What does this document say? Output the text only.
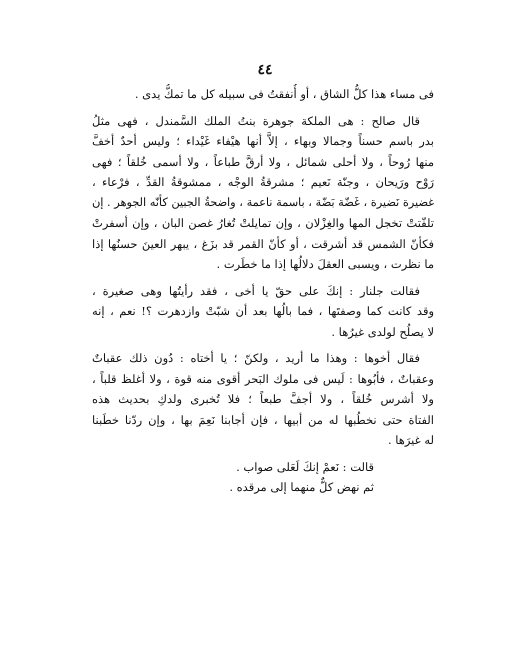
٤٤
فى مساء هذا كلُّ الشاق ، أو أُنفقتُ فى سبيله كل ما تمكُّ يدى .
قال صالح : هى الملكة جوهرة بنتُ الملك السَّمندل ، فهى مثلُ
بدر باسم حسناً وجمالا وبهاء ، إلاَّ أنها هيْفاء غَيْداء ؛ وليس أحدٌ أخفَّ
منها رُوحاً ، ولا أحلى شمائل ، ولا أرقَّ طباعاً ، ولا أسمى خُلقاً ؛ فهى
رَوْح ورَيحان ، وجنّة نَعيم ؛ مشرقةُ الوجْه ، ممشوقةُ القدِّ ، فرْعاء ،
غضيرة نَضيرة ، غَضّة بَضّة ، باسمة ناعمة ، واضحةُ الجبين كأنّه الجوهر . إن
تلفّتتْ تخجل المها والغِزْلان ، وإن تمايلتْ تُغارُ غصن البان ، وإن أسفرتْ
فكأنّ الشمس قد أشرقت ، أو كأنّ القمر قد بزَغ ، يبهر العينَ حسنُها إذا
ما نظرت ، ويسبى العقلَ دلالُها إذا ما خطَرت .
فقالت جلنار : إنكَ على حقّ يا أخى ، فقد رأيتُها وهى صغيرة ،
وقد كانت كما وصفتَها ، فما بالُها بعد أن شبّتْ وازدهرت ؟! نعم ، إنه
لا يصلُح لولدى غيرُها .
فقال أخوها : وهذا ما أريد ، ولكنّ ؛ يا أختاه : دُون ذلك عقباتٌ
وعقباتٌ ، فأبُوها : لَيس فى ملوك البَحر أقوى منه قوة ، ولا أغلظ قلباً ،
ولا أشرس خُلقاً ، ولا أجفَّ طبعاً ؛ فلا تُخبرى ولدكِ بحديث هذه
الفتاة حتى نخطُبها له من أبيها ، فإن أجابنا نَعِمَ بها ، وإن ردّنا خطَبنا
له غيرَها .
قالت : نَعمْ إنكَ لَعَلى صواب .
ثم نهض كلٌّ منهما إلى مرقده .
